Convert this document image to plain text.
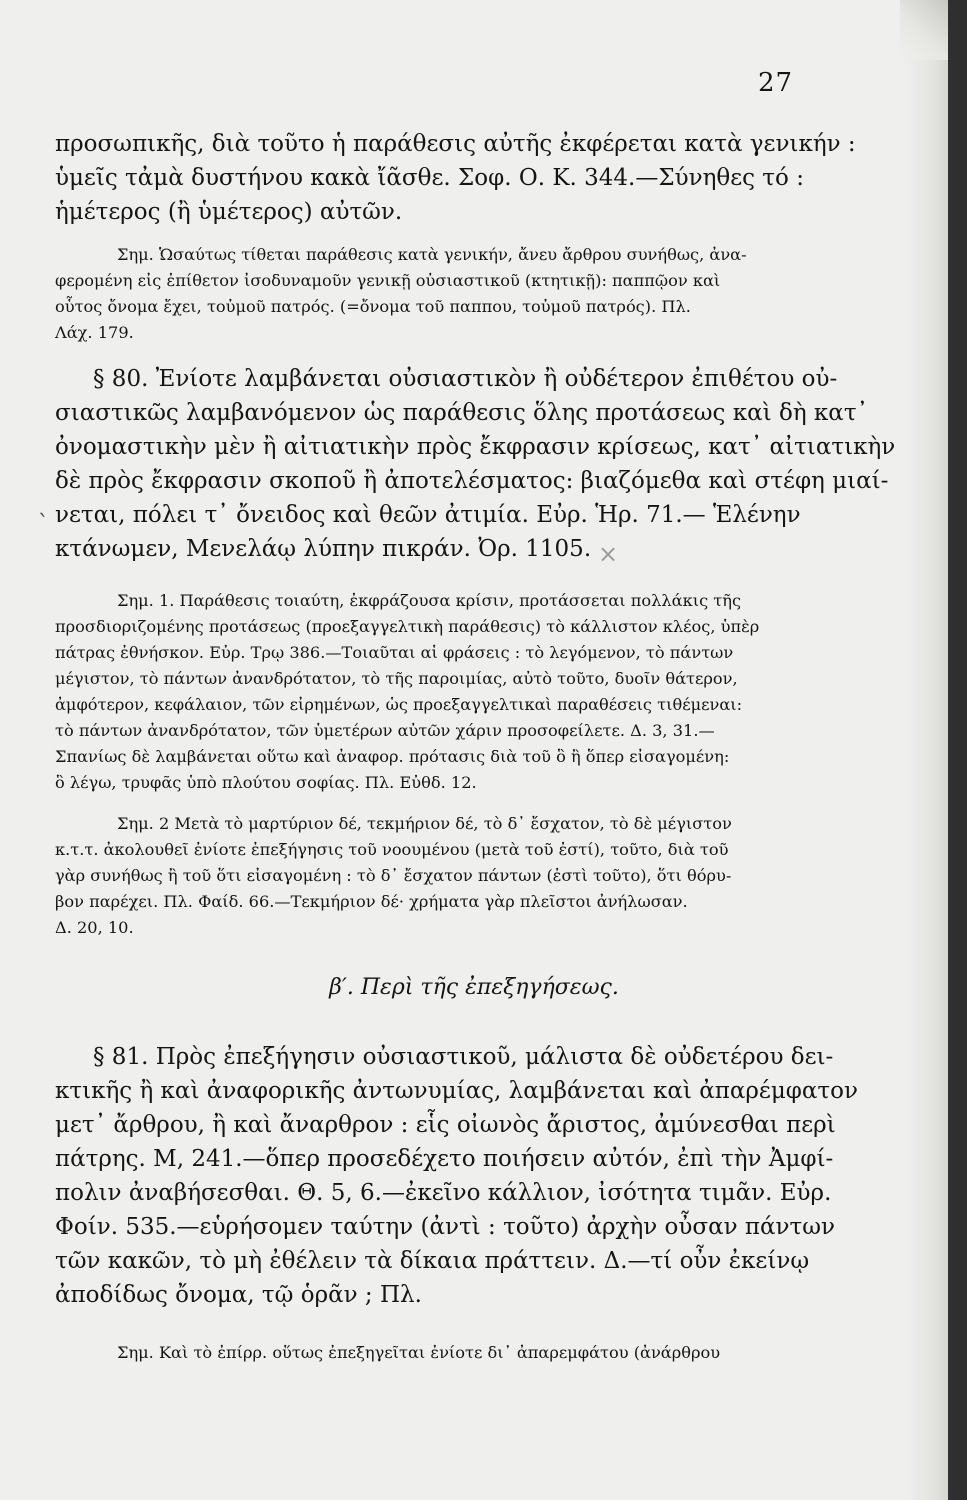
27
προσωπικῆς, διὰ τοῦτο ἡ παράθεσις αὐτῆς ἐκφέρεται κατὰ γενικήν :
ὑμεῖς τἀμὰ δυστήνου κακὰ ἴᾶσθε. Σοφ. Ο. Κ. 344.—Σύνηθες τό :
ἡμέτερος (ἢ ὑμέτερος) αὐτῶν.
Σημ. Ὡσαύτως τίθεται παράθεσις κατὰ γενικήν, ἄνευ ἄρθρου συνήθως, ἀνα-
φερομένη εἰς ἐπίθετον ἰσοδυναμοῦν γενικῇ οὐσιαστικοῦ (κτητικῇ): παππῷον καὶ
οὗτος ὄνομα ἔχει, τοὐμοῦ πατρός. (=ὄνομα τοῦ παππου, τοὐμοῦ πατρός). Πλ.
Λάχ. 179.
§ 80. Ἐνίοτε λαμβάνεται οὐσιαστικὸν ἢ οὐδέτερον ἐπιθέτου οὐ-
σιαστικῶς λαμβανόμενον ὡς παράθεσις ὅλης προτάσεως καὶ δὴ κατ᾽
ὀνομαστικὴν μὲν ἢ αἰτιατικὴν πρὸς ἔκφρασιν κρίσεως, κατ᾽ αἰτιατικὴν
δὲ πρὸς ἔκφρασιν σκοποῦ ἢ ἀποτελέσματος: βιαζόμεθα καὶ στέφη μιαί-
νεται, πόλει τ᾽ ὄνειδος καὶ θεῶν ἀτιμία. Εὐρ. Ἡρ. 71.— Ἑλένην
κτάνωμεν, Μενελάῳ λύπην πικράν. Ὀρ. 1105.
`
×
Σημ. 1. Παράθεσις τοιαύτη, ἐκφράζουσα κρίσιν, προτάσσεται πολλάκις τῆς
προσδιοριζομένης προτάσεως (προεξαγγελτικὴ παράθεσις) τὸ κάλλιστον κλέος, ὑπὲρ
πάτρας ἐθνήσκον. Εὐρ. Τρῳ 386.—Τοιαῦται αἱ φράσεις : τὸ λεγόμενον, τὸ πάντων
μέγιστον, τὸ πάντων ἀνανδρότατον, τὸ τῆς παροιμίας, αὐτὸ τοῦτο, δυοῖν θάτερον,
ἀμφότερον, κεφάλαιον, τῶν εἰρημένων, ὡς προεξαγγελτικαὶ παραθέσεις τιθέμεναι:
τὸ πάντων ἀνανδρότατον, τῶν ὑμετέρων αὐτῶν χάριν προσοφείλετε. Δ. 3, 31.—
Σπανίως δὲ λαμβάνεται οὕτω καὶ ἀναφορ. πρότασις διὰ τοῦ ὃ ἢ ὅπερ εἰσαγομένη:
ὃ λέγω, τρυφᾶς ὑπὸ πλούτου σοφίας. Πλ. Εὐθδ. 12.
Σημ. 2 Μετὰ τὸ μαρτύριον δέ, τεκμήριον δέ, τὸ δ᾽ ἔσχατον, τὸ δὲ μέγιστον
κ.τ.τ. ἀκολουθεῖ ἐνίοτε ἐπεξήγησις τοῦ νοουμένου (μετὰ τοῦ ἐστί), τοῦτο, διὰ τοῦ
γὰρ συνήθως ἢ τοῦ ὅτι εἰσαγομένη : τὸ δ᾽ ἔσχατον πάντων (ἐστὶ τοῦτο), ὅτι θόρυ-
βον παρέχει. Πλ. Φαίδ. 66.—Τεκμήριον δέ· χρήματα γὰρ πλεῖστοι ἀνήλωσαν.
Δ. 20, 10.
β′. Περὶ τῆς ἐπεξηγήσεως.
§ 81. Πρὸς ἐπεξήγησιν οὐσιαστικοῦ, μάλιστα δὲ οὐδετέρου δει-
κτικῆς ἢ καὶ ἀναφορικῆς ἀντωνυμίας, λαμβάνεται καὶ ἀπαρέμφατον
μετ᾽ ἄρθρου, ἢ καὶ ἄναρθρον : εἷς οἰωνὸς ἄριστος, ἀμύνεσθαι περὶ
πάτρης. Μ, 241.—ὅπερ προσεδέχετο ποιήσειν αὐτόν, ἐπὶ τὴν Ἀμφί-
πολιν ἀναβήσεσθαι. Θ. 5, 6.—ἐκεῖνο κάλλιον, ἰσότητα τιμᾶν. Εὐρ.
Φοίν. 535.—εὑρήσομεν ταύτην (ἀντὶ : τοῦτο) ἀρχὴν οὖσαν πάντων
τῶν κακῶν, τὸ μὴ ἐθέλειν τὰ δίκαια πράττειν. Δ.—τί οὖν ἐκείνῳ
ἀποδίδως ὄνομα, τῷ ὁρᾶν ; Πλ.
Σημ. Καὶ τὸ ἐπίρρ. οὕτως ἐπεξηγεῖται ἐνίοτε δι᾽ ἀπαρεμφάτου (ἀνάρθρου
